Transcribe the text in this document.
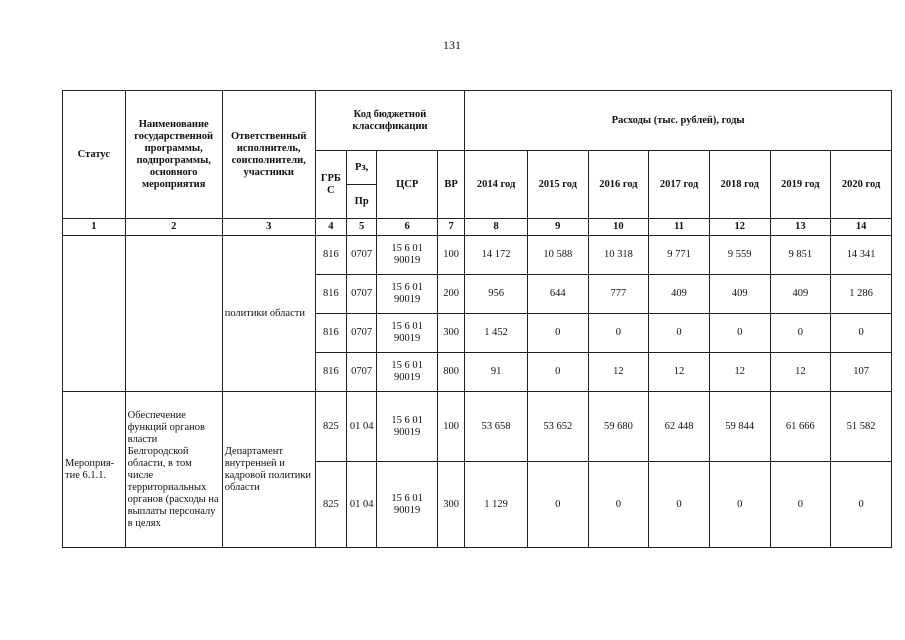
131
Статус	Наименование государственной программы, подпрограммы, основного мероприятия	Ответственный исполнитель, соисполнители, участники	Код бюджетной классификации				Расходы (тыс. рублей), годы						
			ГРБ С	Рз,	ЦСР	ВР	2014 год	2015 год	2016 год	2017 год	2018 год	2019 год	2020 год
				Пр									
1	2	3	4	5	6	7	8	9	10	11	12	13	14
		политики области	816	0707	15 6 01 90019	100	14 172	10 588	10 318	9 771	9 559	9 851	14 341
			816	0707	15 6 01 90019	200	956	644	777	409	409	409	1 286
			816	0707	15 6 01 90019	300	1 452	0	0	0	0	0	0
			816	0707	15 6 01 90019	800	91	0	12	12	12	12	107
Мероприя-тие 6.1.1.	Обеспечение функций органов власти Белгородской области, в том числе территориальных органов (расходы на выплаты персоналу в целях	Департамент внутренней и кадровой политики области	825	01 04	15 6 01 90019	100	53 658	53 652	59 680	62 448	59 844	61 666	51 582
			825	01 04	15 6 01 90019	300	1 129	0	0	0	0	0	0
